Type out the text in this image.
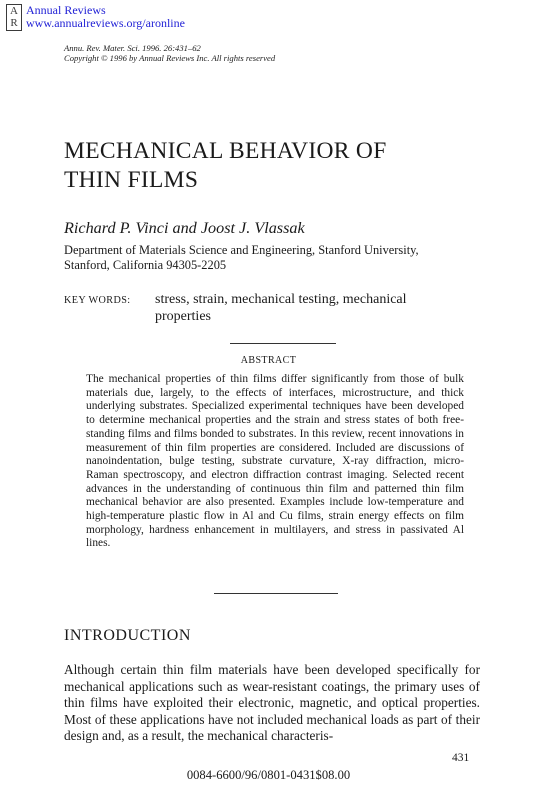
A
R
Annual Reviews
www.annualreviews.org/aronline
Annu. Rev. Mater. Sci. 1996. 26:431–62
Copyright © 1996 by Annual Reviews Inc. All rights reserved
MECHANICAL BEHAVIOR OF
THIN FILMS
Richard P. Vinci and Joost J. Vlassak
Department of Materials Science and Engineering, Stanford University,
Stanford, California 94305-2205
KEY WORDS: stress, strain, mechanical testing, mechanical
properties
ABSTRACT

The mechanical properties of thin films differ significantly from those of bulk materials due, largely, to the effects of interfaces, microstructure, and thick underlying substrates. Specialized experimental techniques have been developed to determine mechanical properties and the strain and stress states of both free-standing films and films bonded to substrates. In this review, recent innovations in measurement of thin film properties are considered. Included are discussions of nanoindentation, bulge testing, substrate curvature, X-ray diffraction, micro-Raman spectroscopy, and electron diffraction contrast imaging. Selected recent advances in the understanding of continuous thin film and patterned thin film mechanical behavior are also presented. Examples include low-temperature and high-temperature plastic flow in Al and Cu films, strain energy effects on film morphology, hardness enhancement in multilayers, and stress in passivated Al lines.

INTRODUCTION

Although certain thin film materials have been developed specifically for mechanical applications such as wear-resistant coatings, the primary uses of thin films have exploited their electronic, magnetic, and optical properties. Most of these applications have not included mechanical loads as part of their design and, as a result, the mechanical characteris-

431
0084-6600/96/0801-0431$08.00
